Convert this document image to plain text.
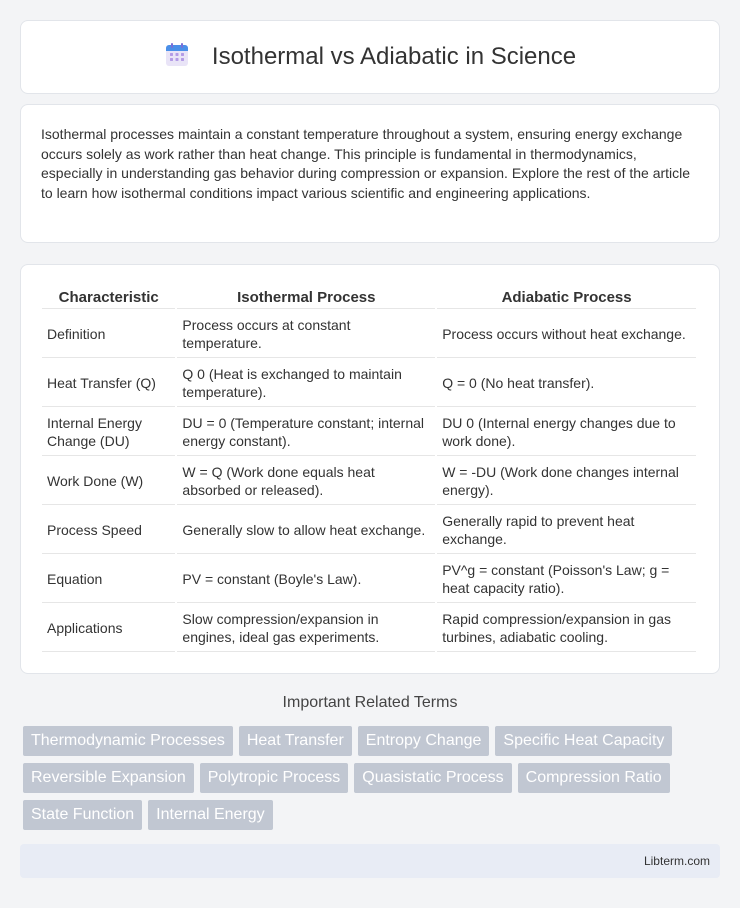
Isothermal vs Adiabatic in Science

Isothermal processes maintain a constant temperature throughout a system, ensuring energy exchange occurs solely as work rather than heat change. This principle is fundamental in thermodynamics, especially in understanding gas behavior during compression or expansion. Explore the rest of the article to learn how isothermal conditions impact various scientific and engineering applications.

Characteristic	Isothermal Process	Adiabatic Process
Definition	Process occurs at constant temperature.	Process occurs without heat exchange.
Heat Transfer (Q)	Q 0 (Heat is exchanged to maintain temperature).	Q = 0 (No heat transfer).
Internal Energy Change (DU)	DU = 0 (Temperature constant; internal energy constant).	DU 0 (Internal energy changes due to work done).
Work Done (W)	W = Q (Work done equals heat absorbed or released).	W = -DU (Work done changes internal energy).
Process Speed	Generally slow to allow heat exchange.	Generally rapid to prevent heat exchange.
Equation	PV = constant (Boyle's Law).	PV^g = constant (Poisson's Law; g = heat capacity ratio).
Applications	Slow compression/expansion in engines, ideal gas experiments.	Rapid compression/expansion in gas turbines, adiabatic cooling.
Important Related Terms
Thermodynamic Processes	Heat Transfer	Entropy Change	Specific Heat Capacity
Reversible Expansion	Polytropic Process	Quasistatic Process	Compression Ratio
State Function	Internal Energy
Libterm.com
